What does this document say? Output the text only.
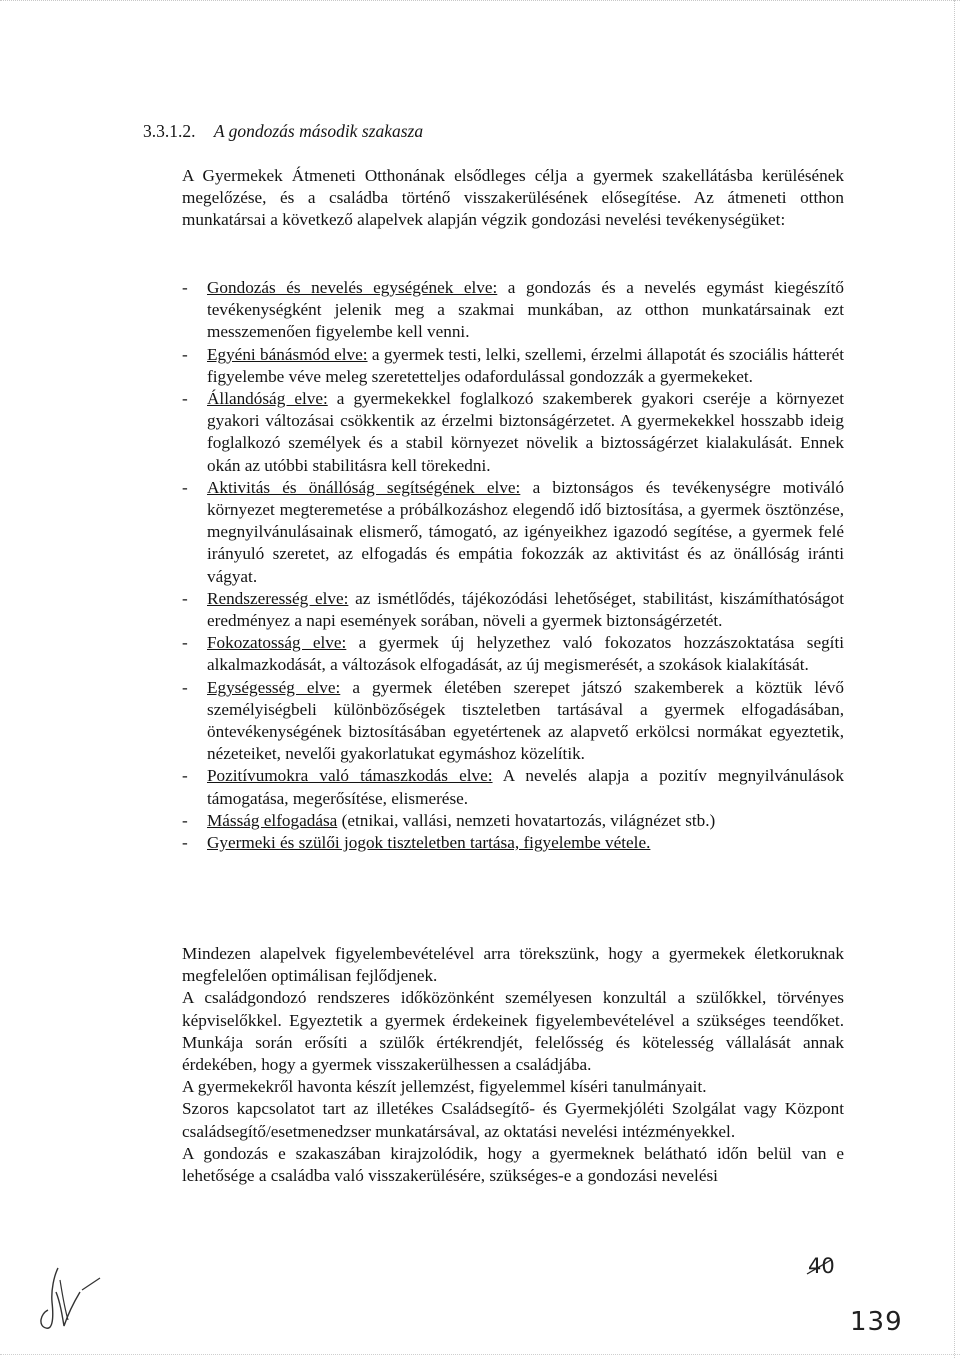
3.3.1.2. A gondozás második szakasza

A Gyermekek Átmeneti Otthonának elsődleges célja a gyermek szakellátásba kerülésének megelőzése, és a családba történő visszakerülésének elősegítése. Az átmeneti otthon munkatársai a következő alapelvek alapján végzik gondozási nevelési tevékenységüket:

-	Gondozás és nevelés egységének elve: a gondozás és a nevelés egymást kiegészítő tevékenységként jelenik meg a szakmai munkában, az otthon munkatársainak ezt messzemenően figyelembe kell venni.
-	Egyéni bánásmód elve: a gyermek testi, lelki, szellemi, érzelmi állapotát és szociális hátterét figyelembe véve meleg szeretetteljes odafordulással gondozzák a gyermekeket.
-	Állandóság elve: a gyermekekkel foglalkozó szakemberek gyakori cseréje a környezet gyakori változásai csökkentik az érzelmi biztonságérzetet. A gyermekekkel hosszabb ideig foglalkozó személyek és a stabil környezet növelik a biztosságérzet kialakulását. Ennek okán az utóbbi stabilitásra kell törekedni.
-	Aktivitás és önállóság segítségének elve: a biztonságos és tevékenységre motiváló környezet megteremetése a próbálkozáshoz elegendő idő biztosítása, a gyermek ösztönzése, megnyilvánulásainak elismerő, támogató, az igényeikhez igazodó segítése, a gyermek felé irányuló szeretet, az elfogadás és empátia fokozzák az aktivitást és az önállóság iránti vágyat.
-	Rendszeresség elve: az ismétlődés, tájékozódási lehetőséget, stabilitást, kiszámíthatóságot eredményez a napi események sorában, növeli a gyermek biztonságérzetét.
-	Fokozatosság elve: a gyermek új helyzethez való fokozatos hozzászoktatása segíti alkalmazkodását, a változások elfogadását, az új megismerését, a szokások kialakítását.
-	Egységesség elve: a gyermek életében szerepet játszó szakemberek a köztük lévő személyiségbeli különbözőségek tiszteletben tartásával a gyermek elfogadásában, öntevékenységének biztosításában egyetértenek az alapvető erkölcsi normákat egyeztetik, nézeteiket, nevelői gyakorlatukat egymáshoz közelítik.
-	Pozitívumokra való támaszkodás elve: A nevelés alapja a pozitív megnyilvánulások támogatása, megerősítése, elismerése.
-	Másság elfogadása (etnikai, vallási, nemzeti hovatartozás, világnézet stb.)
-	Gyermeki és szülői jogok tiszteletben tartása, figyelembe vétele.

Mindezen alapelvek figyelembevételével arra törekszünk, hogy a gyermekek életkoruknak megfelelően optimálisan fejlődjenek.

A családgondozó rendszeres időközönként személyesen konzultál a szülőkkel, törvényes képviselőkkel. Egyeztetik a gyermek érdekeinek figyelembevételével a szükséges teendőket. Munkája során erősíti a szülők értékrendjét, felelősség és kötelesség vállalását annak érdekében, hogy a gyermek visszakerülhessen a családjába.

A gyermekekről havonta készít jellemzést, figyelemmel kíséri tanulmányait.

Szoros kapcsolatot tart az illetékes Családsegítő- és Gyermekjóléti Szolgálat vagy Központ családsegítő/esetmenedzser munkatársával, az oktatási nevelési intézményekkel.

A gondozás e szakaszában kirajzolódik, hogy a gyermeknek belátható időn belül van e lehetősége a családba való visszakerülésére, szükséges-e a gondozási nevelési

40
139
